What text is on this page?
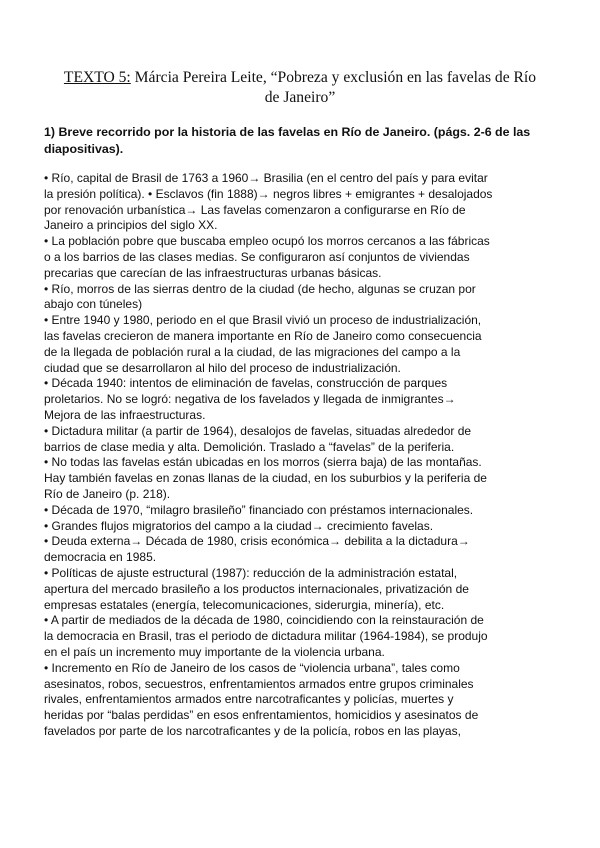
TEXTO 5: Márcia Pereira Leite, “Pobreza y exclusión en las favelas de Río de Janeiro”
1) Breve recorrido por la historia de las favelas en Río de Janeiro. (págs. 2-6 de las diapositivas).

• Río, capital de Brasil de 1763 a 1960→ Brasilia (en el centro del país y para evitar
la presión política). • Esclavos (fin 1888)→ negros libres + emigrantes + desalojados
por renovación urbanística→ Las favelas comenzaron a configurarse en Río de
Janeiro a principios del siglo XX.

• La población pobre que buscaba empleo ocupó los morros cercanos a las fábricas
o a los barrios de las clases medias. Se configuraron así conjuntos de viviendas
precarias que carecían de las infraestructuras urbanas básicas.

• Río, morros de las sierras dentro de la ciudad (de hecho, algunas se cruzan por
abajo con túneles)

• Entre 1940 y 1980, periodo en el que Brasil vivió un proceso de industrialización,
las favelas crecieron de manera importante en Río de Janeiro como consecuencia
de la llegada de población rural a la ciudad, de las migraciones del campo a la
ciudad que se desarrollaron al hilo del proceso de industrialización.

• Década 1940: intentos de eliminación de favelas, construcción de parques
proletarios. No se logró: negativa de los favelados y llegada de inmigrantes→
Mejora de las infraestructuras.

• Dictadura militar (a partir de 1964), desalojos de favelas, situadas alrededor de
barrios de clase media y alta. Demolición. Traslado a “favelas” de la periferia.

• No todas las favelas están ubicadas en los morros (sierra baja) de las montañas.
Hay también favelas en zonas llanas de la ciudad, en los suburbios y la periferia de
Río de Janeiro (p. 218).

• Década de 1970, “milagro brasileño” financiado con préstamos internacionales.

• Grandes flujos migratorios del campo a la ciudad→ crecimiento favelas.

• Deuda externa→ Década de 1980, crisis económica→ debilita a la dictadura→
democracia en 1985.

• Políticas de ajuste estructural (1987): reducción de la administración estatal,
apertura del mercado brasileño a los productos internacionales, privatización de
empresas estatales (energía, telecomunicaciones, siderurgia, minería), etc.

• A partir de mediados de la década de 1980, coincidiendo con la reinstauración de
la democracia en Brasil, tras el periodo de dictadura militar (1964-1984), se produjo
en el país un incremento muy importante de la violencia urbana.

• Incremento en Río de Janeiro de los casos de “violencia urbana”, tales como
asesinatos, robos, secuestros, enfrentamientos armados entre grupos criminales
rivales, enfrentamientos armados entre narcotraficantes y policías, muertes y
heridas por “balas perdidas” en esos enfrentamientos, homicidios y asesinatos de
favelados por parte de los narcotraficantes y de la policía, robos en las playas,
